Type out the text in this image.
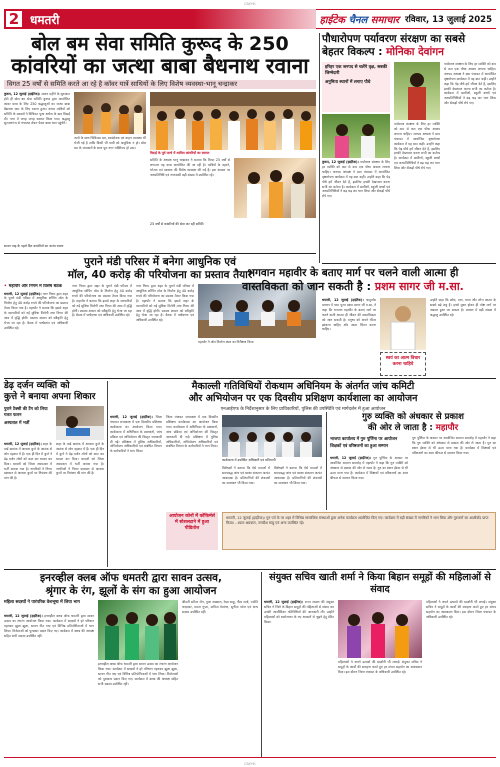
CMYK
2 धमतरी	हाईटेक चैनल समाचार रविवार, 13 जुलाई 2025
बोल बम सेवा समिति कुरूद के 250
कांवरियों का जत्था बाबा बैधनाथ रवाना
विगत 25 वर्षों से समिति करते आ रहे है कॉवर यात्रें साथियों के लिए विशेष व्यवस्था-भानू चन्द्राकर
कुरूद, 12 जुलाई (हाईटेक)। सावन महीने के शुरुआत होते ही बोल बम सेवा समिति कुरूद द्वारा आयोजित कांवर यात्रा के लिए 250 श्रद्धालुओं का जत्था बाबा बैद्यनाथ धाम के लिए रवाना हुआ। कांवर यात्रियों को समिति के सदस्यों ने विधिवत पूजा अर्चना के बाद विदाई दी। नगर में जगह जगह स्वागत किया गया। श्रद्धालु सुल्तानगंज से गंगाजल लेकर पैदल बाबा धाम पहुंचेंगे।
जत्थे के साथ चिकित्सा दल, स्वयंसेवक एवं वाहन व्यवस्था भी भेजी गई है ताकि किसी भी यात्री को असुविधा न हो। बोल बम के जयकारों के साथ पूरा नगर भक्तिमय हो उठा।
विदाई के पूर्व जत्थे में शामिल कांवरियों का स्वागत
समिति के अध्यक्ष भानू चन्द्राकर ने बताया कि विगत 25 वर्षों से लगातार यह यात्रा आयोजित की जा रही है। यात्रियों के ठहरने, भोजन एवं स्वास्थ्य की विशेष व्यवस्था की गई है। इस अवसर पर जनप्रतिनिधि एवं नगरवासी बड़ी संख्या में उपस्थित रहे।
सावन माह के पहले दिन कांवरियों का जत्था रवाना
25 वर्षों से कांवरियों की सेवा कर रही समिति
पौधारोपण पर्यावरण संरक्षण का सबसे
बेहतर विकल्प : मोनिका देवांगन
हरिहर एक जनपद से चलेंगे वृक्ष, सबकी जिम्मेदारी
अनुमिता स्थानों में लगाए पौधे
कुरूद, 12 जुलाई (हाईटेक)। पर्यावरण संरक्षण के लिए हर व्यक्ति को कम से कम एक पौधा अवश्य लगाना चाहिए। जनपद अध्यक्ष ने ग्राम पंचायत में आयोजित वृक्षारोपण कार्यक्रम में यह बात कही। उन्होंने कहा कि पेड़ पौधे हमें जीवन देते हैं, इसलिए इनकी देखभाल करना सभी का कर्तव्य है। कार्यक्रम में ग्रामीणों, स्कूली बच्चों एवं जनप्रतिनिधियों ने बढ़ चढ़ कर भाग लिया और सैकड़ों पौधे रोपे गए।
पर्यावरण संरक्षण के लिए हर व्यक्ति को कम से कम एक पौधा अवश्य लगाना चाहिए। जनपद अध्यक्ष ने ग्राम पंचायत में आयोजित वृक्षारोपण कार्यक्रम में यह बात कही। उन्होंने कहा कि पेड़ पौधे हमें जीवन देते हैं, इसलिए इनकी देखभाल करना सभी का कर्तव्य है। कार्यक्रम में ग्रामीणों, स्कूली बच्चों एवं जनप्रतिनिधियों ने बढ़ चढ़ कर भाग लिया और सैकड़ों पौधे रोपे गए।
पर्यावरण संरक्षण के लिए हर व्यक्ति को कम से कम एक पौधा अवश्य लगाना चाहिए। जनपद अध्यक्ष ने ग्राम पंचायत में आयोजित वृक्षारोपण कार्यक्रम में यह बात कही। उन्होंने कहा कि पेड़ पौधे हमें जीवन देते हैं, इसलिए इनकी देखभाल करना सभी का कर्तव्य है। कार्यक्रम में ग्रामीणों, स्कूली बच्चों एवं जनप्रतिनिधियों ने बढ़ चढ़ कर भाग लिया और सैकड़ों पौधे रोपे गए।
पुराने मंडी परिसर में बनेगा आधुनिक एवं
मॉल, 40 करोड़ की परियोजना का प्रस्ताव तैयार
• महापौर और निगम में विशेष बैठक
धमतरी, 12 जुलाई (हाईटेक)। नगर निगम द्वारा शहर के पुराने मंडी परिसर में आधुनिक शॉपिंग मॉल के निर्माण हेतु 40 करोड़ रुपये की परियोजना का प्रस्ताव तैयार किया गया है। महापौर ने बताया कि इससे शहर के व्यापारियों को नई सुविधा मिलेगी तथा निगम की आय में वृद्धि होगी। प्रस्ताव शासन को स्वीकृति हेतु भेजा जा रहा है। बैठक में पार्षदगण एवं अधिकारी उपस्थित रहे।
नगर निगम द्वारा शहर के पुराने मंडी परिसर में आधुनिक शॉपिंग मॉल के निर्माण हेतु 40 करोड़ रुपये की परियोजना का प्रस्ताव तैयार किया गया है। महापौर ने बताया कि इससे शहर के व्यापारियों को नई सुविधा मिलेगी तथा निगम की आय में वृद्धि होगी। प्रस्ताव शासन को स्वीकृति हेतु भेजा जा रहा है। बैठक में पार्षदगण एवं अधिकारी उपस्थित रहे।
नगर निगम द्वारा शहर के पुराने मंडी परिसर में आधुनिक शॉपिंग मॉल के निर्माण हेतु 40 करोड़ रुपये की परियोजना का प्रस्ताव तैयार किया गया है। महापौर ने बताया कि इससे शहर के व्यापारियों को नई सुविधा मिलेगी तथा निगम की आय में वृद्धि होगी। प्रस्ताव शासन को स्वीकृति हेतु भेजा जा रहा है। बैठक में पार्षदगण एवं अधिकारी उपस्थित रहे।
महापौर ने मॉल निर्माण स्थल का निरीक्षण किया
भगवान महावीर के बताए मार्ग पर चलने वाली आत्मा ही
वास्तविकता को जान सकती है : प्रशम सागर जी म.सा.
धमतरी, 12 जुलाई (हाईटेक)। चातुर्मास प्रवचन में परम पूज्य प्रशम सागर जी म.सा. ने कहा कि भगवान महावीर के बताए मार्ग पर चलने वाली आत्मा ही जीवन की वास्तविकता को जान सकती है। मनुष्य को अपने भीतर झांकना चाहिए और आत्म चिंतन करना चाहिए।
स्वयं का आत्म विचार करना चाहिये
उन्होंने कहा कि क्रोध, मान, माया और लोभ आत्मा के सबसे बड़े शत्रु हैं। इनसे मुक्त होकर ही मोक्ष मार्ग पर अग्रसर हुआ जा सकता है। प्रवचन में बड़ी संख्या में श्रद्धालु उपस्थित रहे।
डेढ़ दर्जन व्यक्ति को
कुत्ते ने बनाया अपना शिकार
पुराने टैक्सी की टैंग को लिया गलत फलन
अस्पताल में भर्ती
धमतरी, 12 जुलाई (हाईटेक)। शहर के वार्ड क्रमांक में आवारा कुत्ते के आतंक से लोग दहशत में हैं। एक ही दिन में कुत्ते ने डेढ़ दर्जन लोगों को काट कर घायल कर दिया। घायलों को जिला अस्पताल में भर्ती कराया गया है। नागरिकों ने निगम प्रशासन से आवारा कुत्तों पर नियंत्रण की मांग की है।
शहर के वार्ड क्रमांक में आवारा कुत्ते के आतंक से लोग दहशत में हैं। एक ही दिन में कुत्ते ने डेढ़ दर्जन लोगों को काट कर घायल कर दिया। घायलों को जिला अस्पताल में भर्ती कराया गया है। नागरिकों ने निगम प्रशासन से आवारा कुत्तों पर नियंत्रण की मांग की है।
मैकाल्ली गतिविधियों रोकथाम अधिनियम के अंतर्गत जांच कमिटी
और अभियोजन पर एक दिवसीय प्रशिक्षण कार्यशाला का आयोजन
एनआईएफ के निर्देशानुसार के लिए प्राधिकारियों, पुलिस की उपस्थिति एवं मार्गदर्शन में हुआ आयोजन
धमतरी, 12 जुलाई (हाईटेक)। जिला पंचायत सभाकक्ष में एक दिवसीय प्रशिक्षण कार्यशाला का आयोजन किया गया। कार्यशाला में अधिनियम के प्रावधानों, जांच प्रक्रिया एवं अभियोजन की विस्तृत जानकारी दी गई। प्रशिक्षण में पुलिस अधिकारियों, अभियोजन अधिकारियों एवं संबंधित विभाग के कर्मचारियों ने भाग लिया।
जिला पंचायत सभाकक्ष में एक दिवसीय प्रशिक्षण कार्यशाला का आयोजन किया गया। कार्यशाला में अधिनियम के प्रावधानों, जांच प्रक्रिया एवं अभियोजन की विस्तृत जानकारी दी गई। प्रशिक्षण में पुलिस अधिकारियों, अभियोजन अधिकारियों एवं संबंधित विभाग के कर्मचारियों ने भाग लिया।
आयोजन कोनों में कोंफिर्मर्स में सोशलटाने में हुआ पीडितोत्त
कार्यशाला में उपस्थित अधिकारी एवं प्रतिभागी
विशेषज्ञों ने बताया कि ऐसे मामलों में समयबद्ध जांच एवं साक्ष्य संकलन अत्यंत आवश्यक है। प्रतिभागियों की शंकाओं का समाधान भी किया गया।
विशेषज्ञों ने बताया कि ऐसे मामलों में समयबद्ध जांच एवं साक्ष्य संकलन अत्यंत आवश्यक है। प्रतिभागियों की शंकाओं का समाधान भी किया गया।
धमतरी, 12 जुलाई (हाईटेक)। गुरु पर्व के पर शहर में विभिन्न सामाजिक संस्थाओं द्वारा अनेक कार्यक्रम आयोजित किए गए। कार्यक्रम में बड़ी संख्या में नागरिकों ने भाग लिया और गुरुजनों का आशीर्वाद प्राप्त किया। - श्याम अग्रवाल, जगदीश साहू एवं अन्य उपस्थित रहे।
गुरु व्यक्ति को अंधकार से प्रकाश
की ओर ले जाता है : महापौर
भाजपा कार्यालय में गुरु पूर्णिमा पर आयोजन
शिक्षकों एवं वरिष्ठजनों का हुआ सम्मान
धमतरी, 12 जुलाई (हाईटेक)। गुरु पूर्णिमा के अवसर पर आयोजित सम्मान समारोह में महापौर ने कहा कि गुरु व्यक्ति को अंधकार से प्रकाश की ओर ले जाता है। गुरु का स्थान ईश्वर से भी ऊपर माना गया है। कार्यक्रम में शिक्षकों एवं वरिष्ठजनों का शाल श्रीफल से सम्मान किया गया।
गुरु पूर्णिमा के अवसर पर आयोजित सम्मान समारोह में महापौर ने कहा कि गुरु व्यक्ति को अंधकार से प्रकाश की ओर ले जाता है। गुरु का स्थान ईश्वर से भी ऊपर माना गया है। कार्यक्रम में शिक्षकों एवं वरिष्ठजनों का शाल श्रीफल से सम्मान किया गया।
इनरव्हील क्लब ऑफ धमतरी द्वारा सावन उत्सव,
श्रृंगार के रंग, झूलों के संग का हुआ आयोजन
महिला सदस्यों ने पारंपरिक वेशभूषा में लिया भाग
धमतरी, 12 जुलाई (हाईटेक)। इनरव्हील क्लब ऑफ धमतरी द्वारा सावन उत्सव का रंगारंग आयोजन किया गया। कार्यक्रम में सदस्यों ने हरे परिधान पहनकर झूला झूला, सावन गीत गाए एवं विभिन्न प्रतियोगिताओं में भाग लिया। विजेताओं को पुरस्कार प्रदान किए गए। कार्यक्रम में क्लब की अध्यक्ष सहित सभी सदस्य उपस्थित रहीं।
इनरव्हील क्लब ऑफ धमतरी द्वारा सावन उत्सव का रंगारंग आयोजन किया गया। कार्यक्रम में सदस्यों ने हरे परिधान पहनकर झूला झूला, सावन गीत गाए एवं विभिन्न प्रतियोगिताओं में भाग लिया। विजेताओं को पुरस्कार प्रदान किए गए। कार्यक्रम में क्लब की अध्यक्ष सहित सभी सदस्य उपस्थित रहीं।
श्रीमती सरिता जैन, पूजा अग्रवाल, रेखा साहू, नीता शर्मा, ज्योति चन्द्राकर, ममता गुप्ता, कविता देवांगन, सुनीता पटेल एवं अन्य सदस्य उपस्थित रहीं।
संयुक्त सचिव खाती शर्मा ने किया बिहान समूहों की महिलाओं से संवाद
धमतरी, 12 जुलाई (हाईटेक)। राज्य शासन की संयुक्त सचिव ने जिले के बिहान समूहों की महिलाओं से संवाद कर उनकी आजीविका गतिविधियों की जानकारी ली। उन्होंने महिलाओं को स्वरोजगार के नए अवसरों से जुड़ने हेतु प्रेरित किया।
महिलाओं ने अपने उत्पादों की प्रदर्शनी भी लगाई। संयुक्त सचिव ने समूहों के कार्यों की सराहना करते हुए हर संभव सहयोग का आश्वासन दिया। इस दौरान जिला पंचायत के अधिकारी उपस्थित रहे।
महिलाओं ने अपने उत्पादों की प्रदर्शनी भी लगाई। संयुक्त सचिव ने समूहों के कार्यों की सराहना करते हुए हर संभव सहयोग का आश्वासन दिया। इस दौरान जिला पंचायत के अधिकारी उपस्थित रहे।
CMYK
